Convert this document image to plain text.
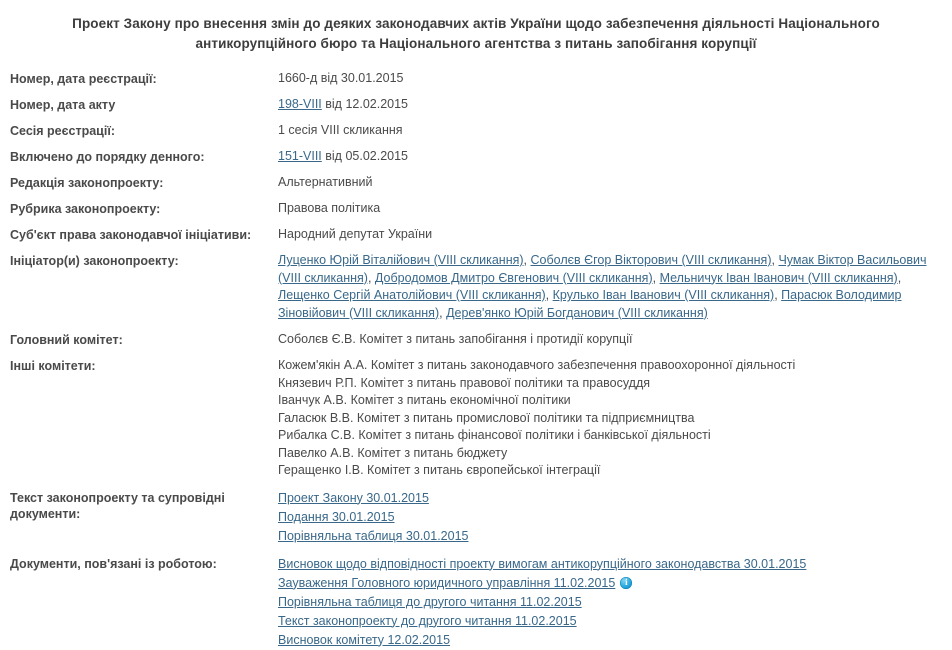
Проект Закону про внесення змін до деяких законодавчих актів України щодо забезпечення діяльності Національного антикорупційного бюро та Національного агентства з питань запобігання корупції
Номер, дата реєстрації:	1660-д від 30.01.2015
Номер, дата акту	198-VIII від 12.02.2015
Сесія реєстрації:	1 сесія VIII скликання
Включено до порядку денного:	151-VIII від 05.02.2015
Редакція законопроекту:	Альтернативний
Рубрика законопроекту:	Правова політика
Суб'єкт права законодавчої ініціативи:	Народний депутат України
Ініціатор(и) законопроекту:	Луценко Юрій Віталійович (VIII скликання), Соболєв Єгор Вікторович (VIII скликання), Чумак Віктор Васильович (VIII скликання), Добродомов Дмитро Євгенович (VIII скликання), Мельничук Іван Іванович (VIII скликання), Лещенко Сергій Анатолійович (VIII скликання), Крулько Іван Іванович (VIII скликання), Парасюк Володимир Зіновійович (VIII скликання), Дерев'янко Юрій Богданович (VIII скликання)
Головний комітет:	Соболєв Є.В. Комітет з питань запобігання і протидії корупції
Інші комітети:	Кожем'якін А.А. Комітет з питань законодавчого забезпечення правоохоронної діяльності
Князевич Р.П. Комітет з питань правової політики та правосуддя
Іванчук А.В. Комітет з питань економічної політики
Галасюк В.В. Комітет з питань промислової політики та підприємництва
Рибалка С.В. Комітет з питань фінансової політики і банківської діяльності
Павелко А.В. Комітет з питань бюджету
Геращенко І.В. Комітет з питань європейської інтеграції
Текст законопроекту та супровідні
документи:
Проект Закону 30.01.2015
Подання 30.01.2015
Порівняльна таблиця 30.01.2015
Документи, пов'язані із роботою:	Висновок щодо відповідності проекту вимогам антикорупційного законодавства 30.01.2015
Зауваження Головного юридичного управління 11.02.2015i
Порівняльна таблиця до другого читання 11.02.2015
Текст законопроекту до другого читання 11.02.2015
Висновок комітету 12.02.2015
